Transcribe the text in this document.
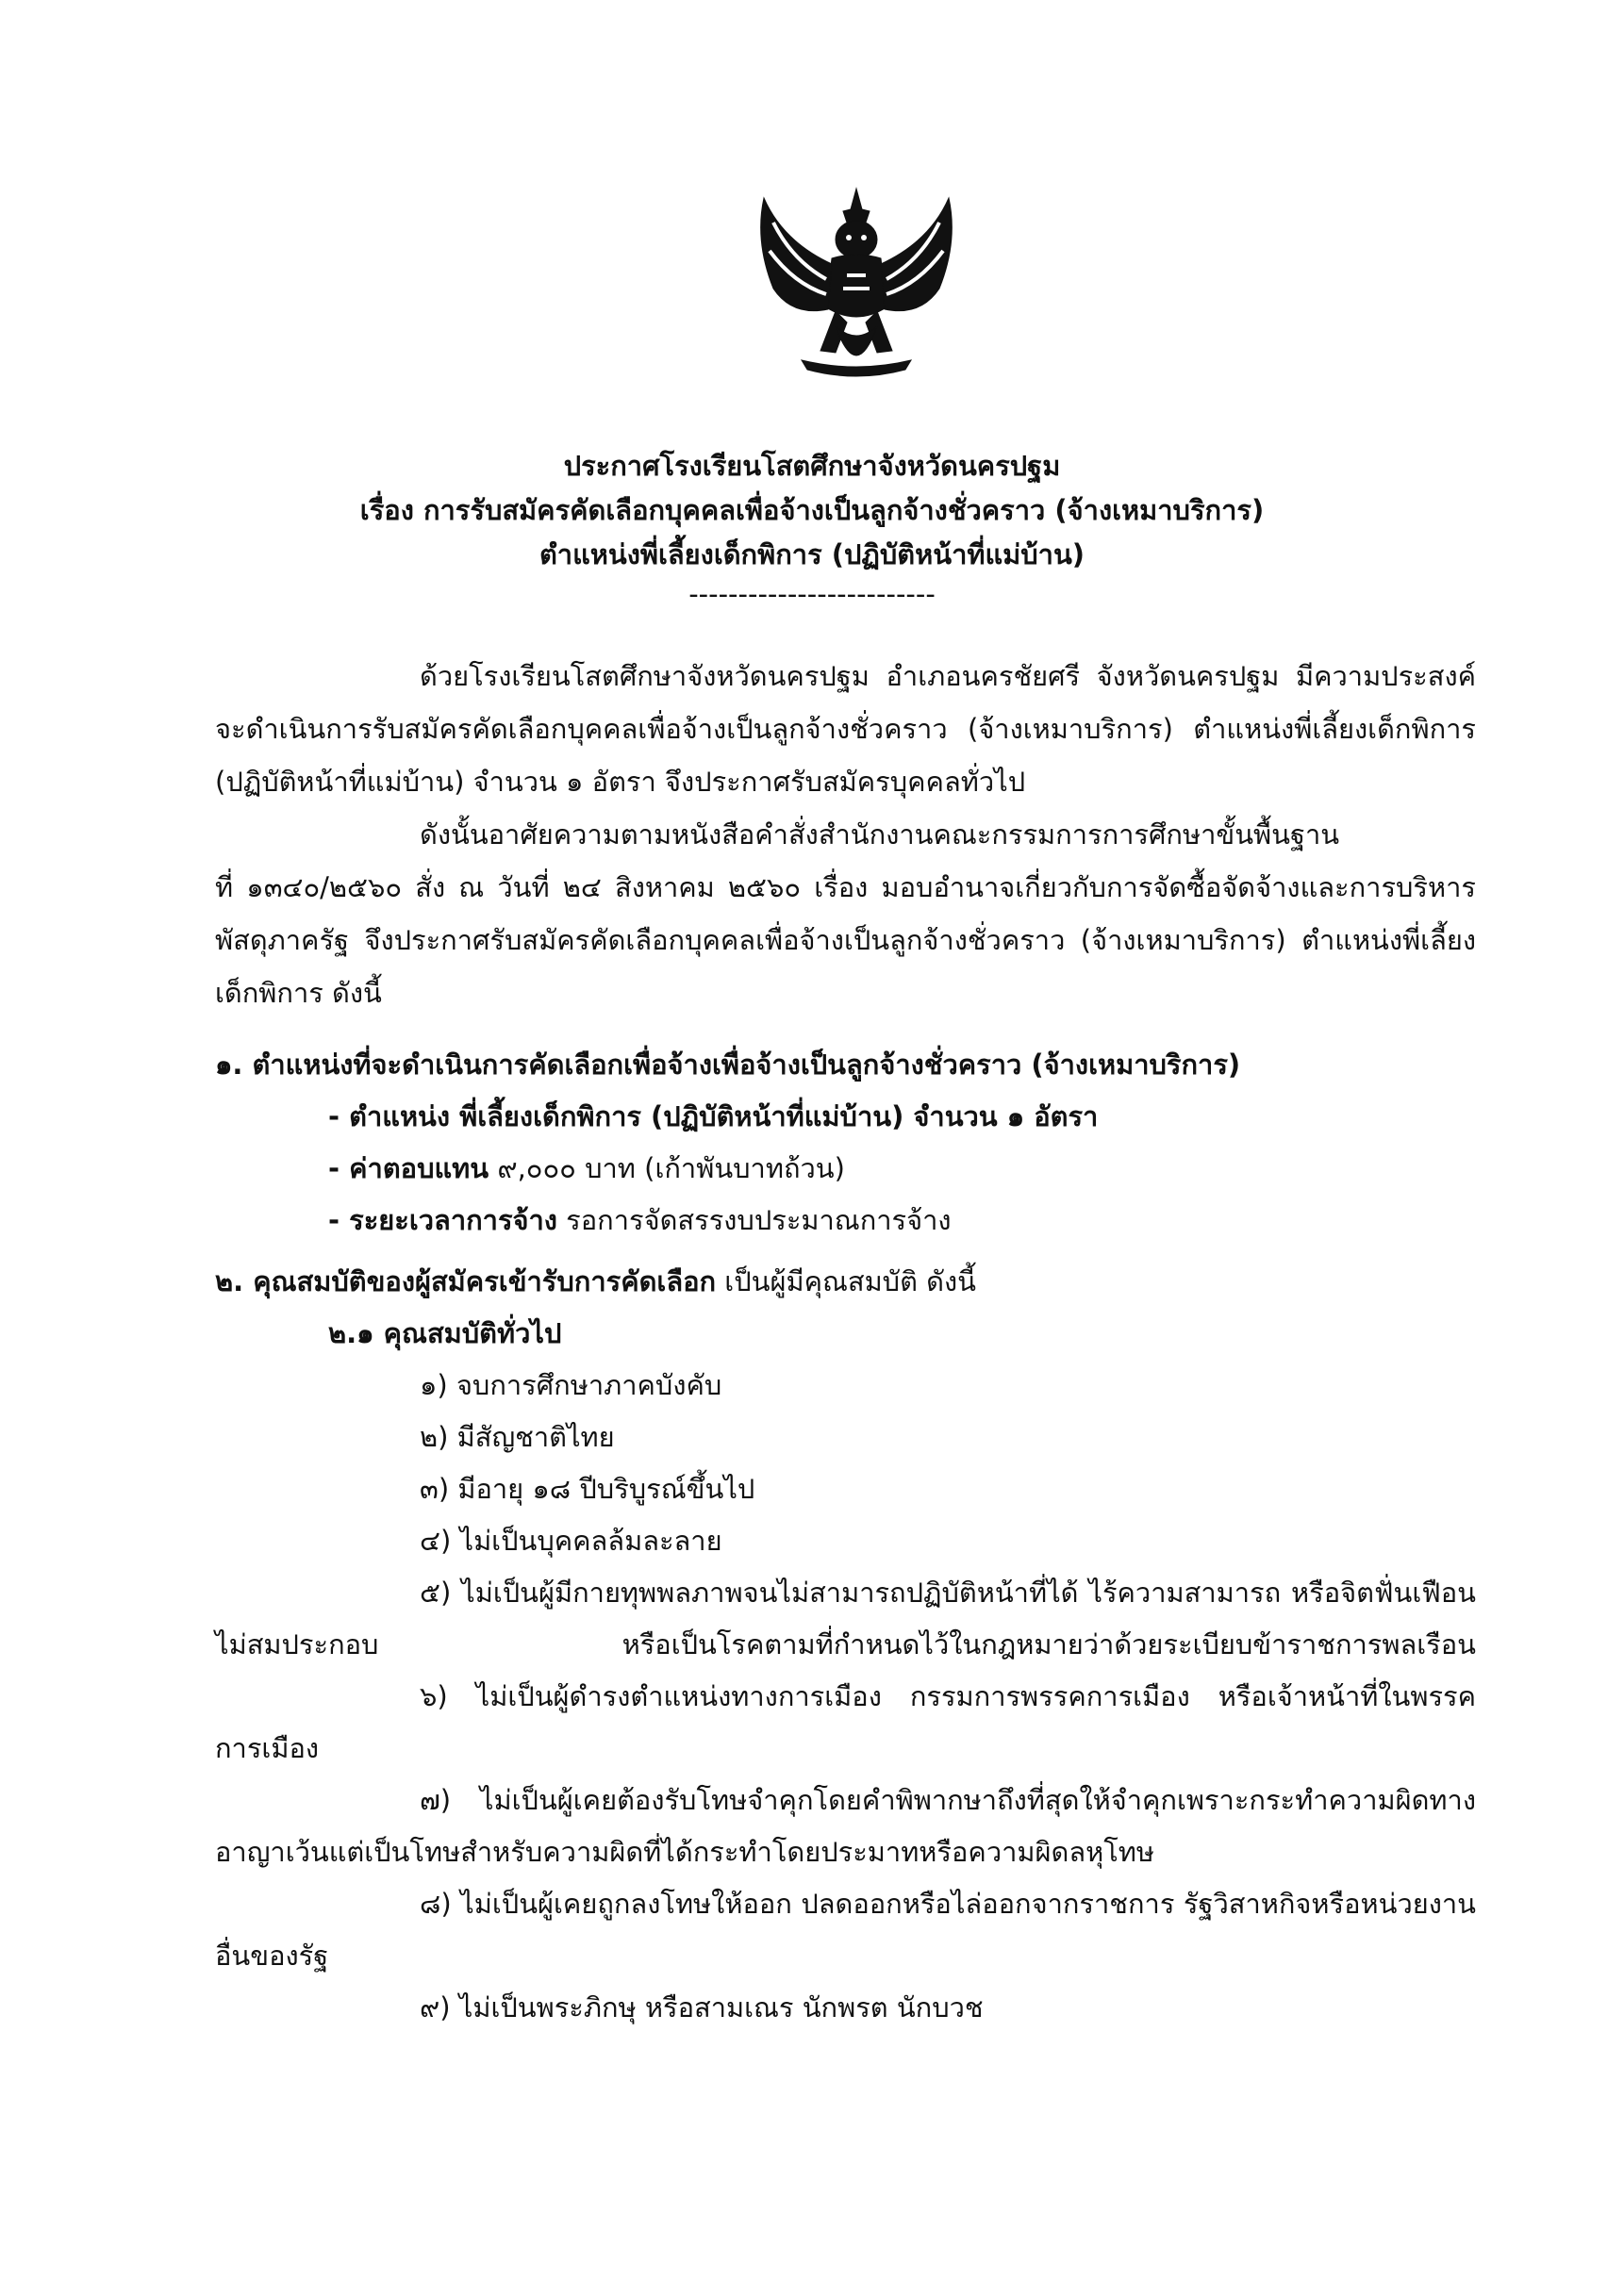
ประกาศโรงเรียนโสตศึกษาจังหวัดนครปฐม
เรื่อง การรับสมัครคัดเลือกบุคคลเพื่อจ้างเป็นลูกจ้างชั่วคราว (จ้างเหมาบริการ)
ตำแหน่งพี่เลี้ยงเด็กพิการ (ปฏิบัติหน้าที่แม่บ้าน)
-------------------------
ด้วยโรงเรียนโสตศึกษาจังหวัดนครปฐม อำเภอนครชัยศรี จังหวัดนครปฐม มีความประสงค์
จะดำเนินการรับสมัครคัดเลือกบุคคลเพื่อจ้างเป็นลูกจ้างชั่วคราว (จ้างเหมาบริการ) ตำแหน่งพี่เลี้ยงเด็กพิการ
(ปฏิบัติหน้าที่แม่บ้าน) จำนวน ๑ อัตรา จึงประกาศรับสมัครบุคคลทั่วไป
ดังนั้นอาศัยความตามหนังสือคำสั่งสำนักงานคณะกรรมการการศึกษาขั้นพื้นฐาน
ที่ ๑๓๔๐/๒๕๖๐ สั่ง ณ วันที่ ๒๔ สิงหาคม ๒๕๖๐ เรื่อง มอบอำนาจเกี่ยวกับการจัดซื้อจัดจ้างและการบริหาร
พัสดุภาครัฐ จึงประกาศรับสมัครคัดเลือกบุคคลเพื่อจ้างเป็นลูกจ้างชั่วคราว (จ้างเหมาบริการ) ตำแหน่งพี่เลี้ยง
เด็กพิการ ดังนี้
๑. ตำแหน่งที่จะดำเนินการคัดเลือกเพื่อจ้างเพื่อจ้างเป็นลูกจ้างชั่วคราว (จ้างเหมาบริการ)
- ตำแหน่ง พี่เลี้ยงเด็กพิการ (ปฏิบัติหน้าที่แม่บ้าน) จำนวน ๑ อัตรา
- ค่าตอบแทน ๙,๐๐๐ บาท (เก้าพันบาทถ้วน)
- ระยะเวลาการจ้าง รอการจัดสรรงบประมาณการจ้าง
๒. คุณสมบัติของผู้สมัครเข้ารับการคัดเลือก เป็นผู้มีคุณสมบัติ ดังนี้
๒.๑ คุณสมบัติทั่วไป
๑) จบการศึกษาภาคบังคับ
๒) มีสัญชาติไทย
๓) มีอายุ ๑๘ ปีบริบูรณ์ขึ้นไป
๔) ไม่เป็นบุคคลล้มละลาย
๕) ไม่เป็นผู้มีกายทุพพลภาพจนไม่สามารถปฏิบัติหน้าที่ได้ ไร้ความสามารถ หรือจิตฟั่นเฟือน
ไม่สมประกอบ หรือเป็นโรคตามที่กำหนดไว้ในกฎหมายว่าด้วยระเบียบข้าราชการพลเรือน
๖) ไม่เป็นผู้ดำรงตำแหน่งทางการเมือง กรรมการพรรคการเมือง หรือเจ้าหน้าที่ในพรรค
การเมือง
๗) ไม่เป็นผู้เคยต้องรับโทษจำคุกโดยคำพิพากษาถึงที่สุดให้จำคุกเพราะกระทำความผิดทาง
อาญาเว้นแต่เป็นโทษสำหรับความผิดที่ได้กระทำโดยประมาทหรือความผิดลหุโทษ
๘) ไม่เป็นผู้เคยถูกลงโทษให้ออก ปลดออกหรือไล่ออกจากราชการ รัฐวิสาหกิจหรือหน่วยงาน
อื่นของรัฐ
๙) ไม่เป็นพระภิกษุ หรือสามเณร นักพรต นักบวช
